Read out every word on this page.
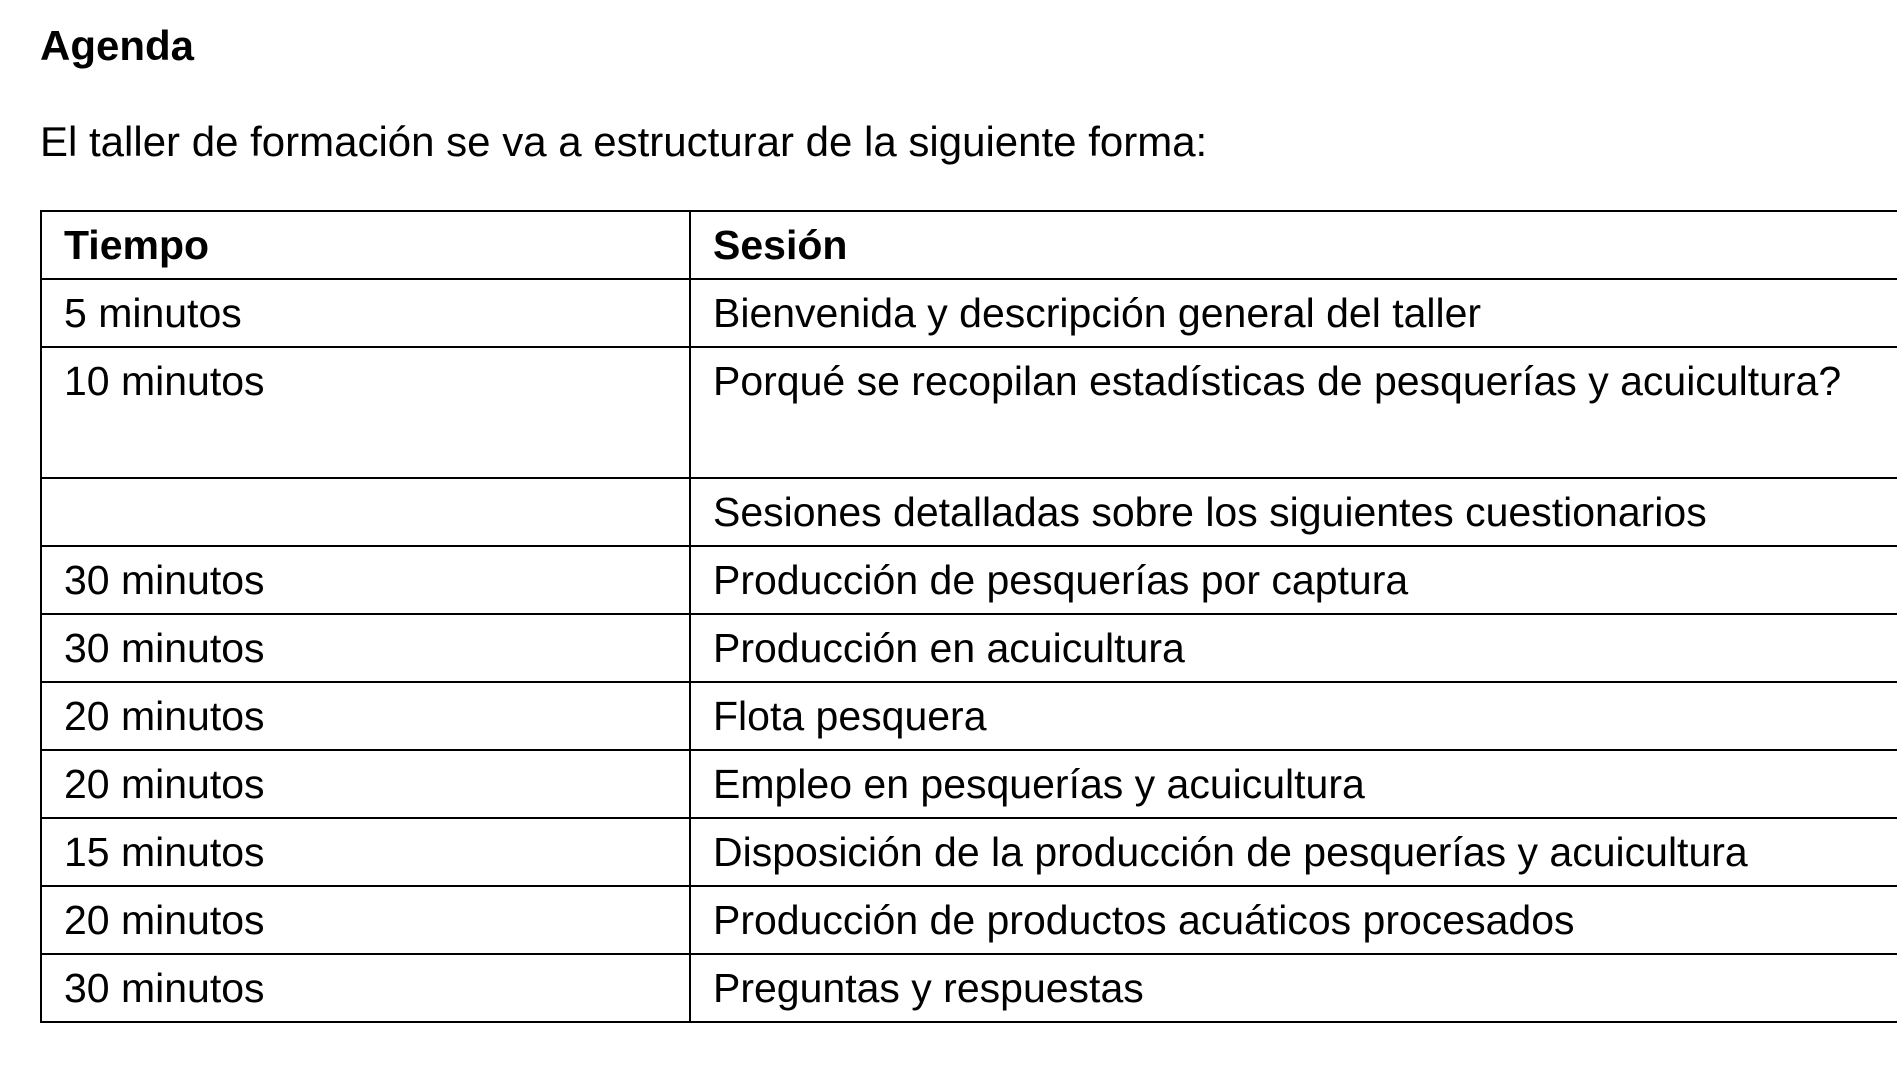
Agenda
El taller de formación se va a estructurar de la siguiente forma:
Tiempo	Sesión
5 minutos	Bienvenida y descripción general del taller
10 minutos	Porqué se recopilan estadísticas de pesquerías y acuicultura?
	Sesiones detalladas sobre los siguientes cuestionarios
30 minutos	Producción de pesquerías por captura
30 minutos	Producción en acuicultura
20 minutos	Flota pesquera
20 minutos	Empleo en pesquerías y acuicultura
15 minutos	Disposición de la producción de pesquerías y acuicultura
20 minutos	Producción de productos acuáticos procesados
30 minutos	Preguntas y respuestas
